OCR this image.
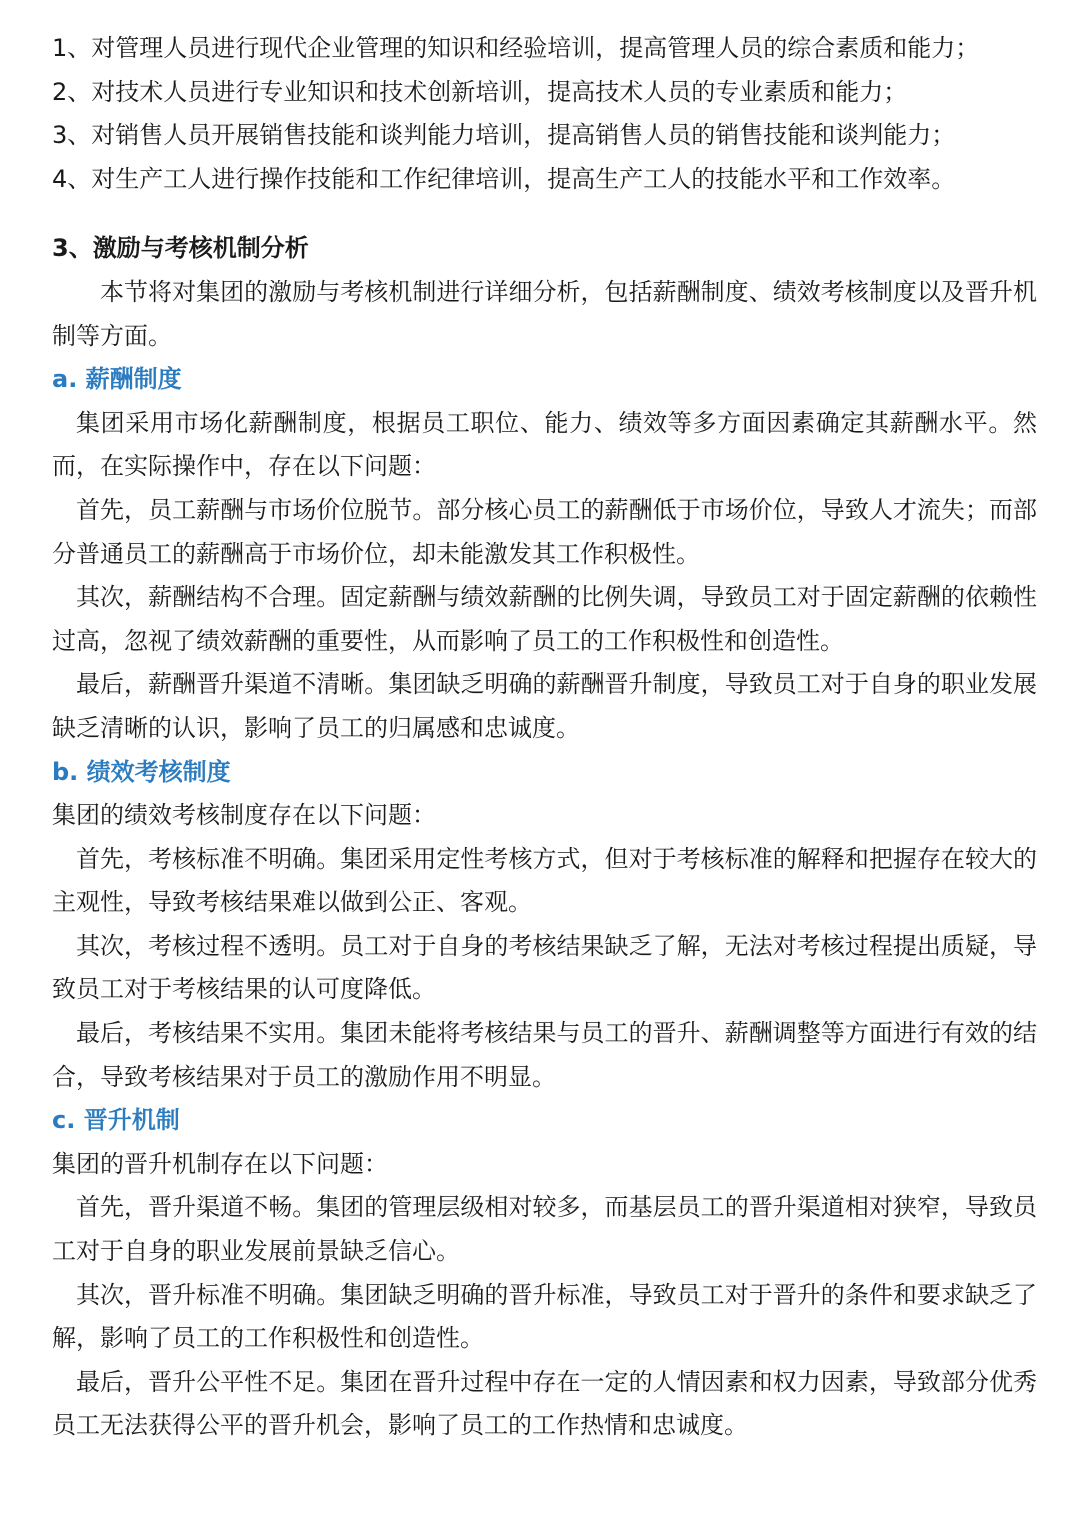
1、对管理人员进行现代企业管理的知识和经验培训，提高管理人员的综合素质和能力；

2、对技术人员进行专业知识和技术创新培训，提高技术人员的专业素质和能力；

3、对销售人员开展销售技能和谈判能力培训，提高销售人员的销售技能和谈判能力；

4、对生产工人进行操作技能和工作纪律培训，提高生产工人的技能水平和工作效率。

3、激励与考核机制分析

本节将对集团的激励与考核机制进行详细分析，包括薪酬制度、绩效考核制度以及晋升机制等方面。

a. 薪酬制度

集团采用市场化薪酬制度，根据员工职位、能力、绩效等多方面因素确定其薪酬水平。然而，在实际操作中，存在以下问题：

首先，员工薪酬与市场价位脱节。部分核心员工的薪酬低于市场价位，导致人才流失；而部分普通员工的薪酬高于市场价位，却未能激发其工作积极性。

其次，薪酬结构不合理。固定薪酬与绩效薪酬的比例失调，导致员工对于固定薪酬的依赖性过高，忽视了绩效薪酬的重要性，从而影响了员工的工作积极性和创造性。

最后，薪酬晋升渠道不清晰。集团缺乏明确的薪酬晋升制度，导致员工对于自身的职业发展缺乏清晰的认识，影响了员工的归属感和忠诚度。

b. 绩效考核制度

集团的绩效考核制度存在以下问题：

首先，考核标准不明确。集团采用定性考核方式，但对于考核标准的解释和把握存在较大的主观性，导致考核结果难以做到公正、客观。

其次，考核过程不透明。员工对于自身的考核结果缺乏了解，无法对考核过程提出质疑，导致员工对于考核结果的认可度降低。

最后，考核结果不实用。集团未能将考核结果与员工的晋升、薪酬调整等方面进行有效的结合，导致考核结果对于员工的激励作用不明显。

c. 晋升机制

集团的晋升机制存在以下问题：

首先，晋升渠道不畅。集团的管理层级相对较多，而基层员工的晋升渠道相对狭窄，导致员工对于自身的职业发展前景缺乏信心。

其次，晋升标准不明确。集团缺乏明确的晋升标准，导致员工对于晋升的条件和要求缺乏了解，影响了员工的工作积极性和创造性。

最后，晋升公平性不足。集团在晋升过程中存在一定的人情因素和权力因素，导致部分优秀员工无法获得公平的晋升机会，影响了员工的工作热情和忠诚度。
